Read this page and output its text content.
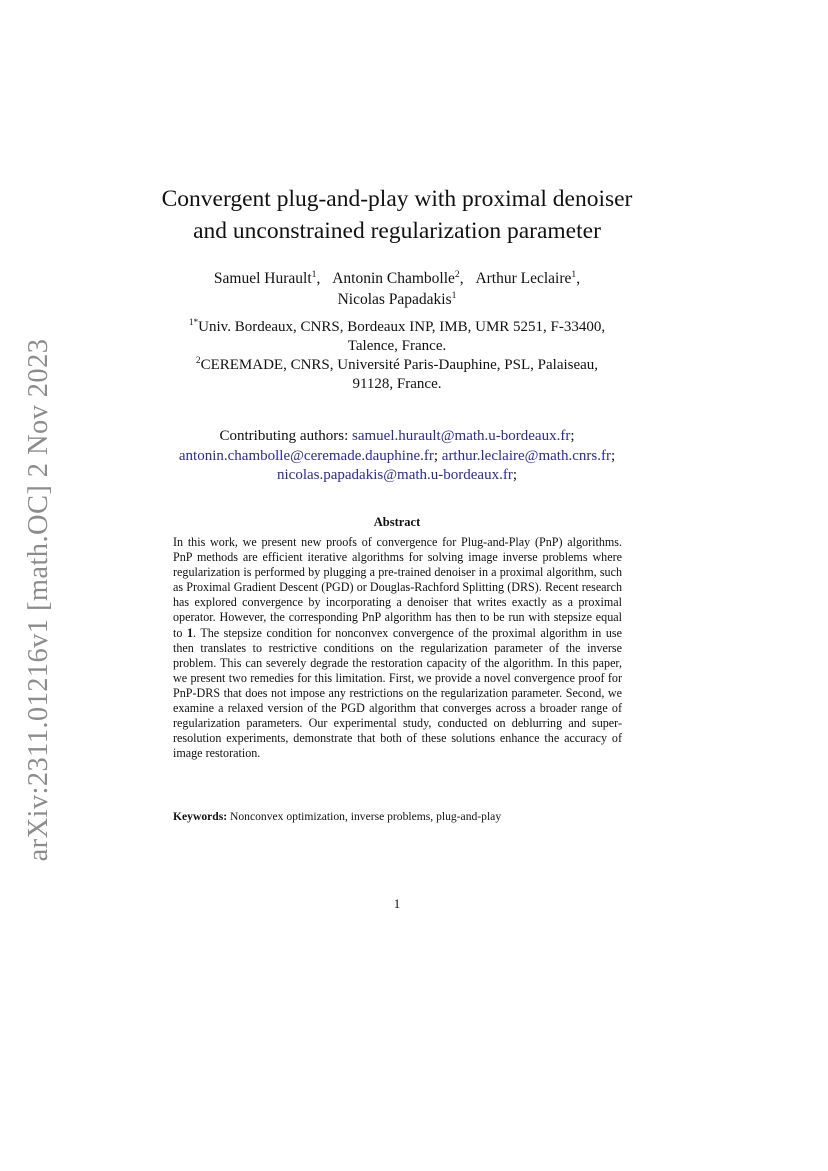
arXiv:2311.01216v1 [math.OC] 2 Nov 2023
Convergent plug-and-play with proximal denoiser
and unconstrained regularization parameter
Samuel Hurault$^1$, Antonin Chambolle$^2$, Arthur Leclaire$^1$,
Nicolas Papadakis$^1$
$^{1*}$Univ. Bordeaux, CNRS, Bordeaux INP, IMB, UMR 5251, F-33400,
Talence, France.
$^2$CEREMADE, CNRS, Université Paris-Dauphine, PSL, Palaiseau,
91128, France.
Contributing authors: samuel.hurault@math.u-bordeaux.fr;
antonin.chambolle@ceremade.dauphine.fr; arthur.leclaire@math.cnrs.fr;
nicolas.papadakis@math.u-bordeaux.fr;
Abstract
In this work, we present new proofs of convergence for Plug-and-Play (PnP) algorithms. PnP methods are efficient iterative algorithms for solving image inverse problems where regularization is performed by plugging a pre-trained denoiser in a proximal algorithm, such as Proximal Gradient Descent (PGD) or Douglas-Rachford Splitting (DRS). Recent research has explored convergence by incorporating a denoiser that writes exactly as a proximal operator. However, the corresponding PnP algorithm has then to be run with stepsize equal to 1. The stepsize condition for nonconvex convergence of the proximal algorithm in use then translates to restrictive conditions on the regularization parameter of the inverse problem. This can severely degrade the restoration capacity of the algorithm. In this paper, we present two remedies for this limitation. First, we provide a novel convergence proof for PnP-DRS that does not impose any restrictions on the regularization parameter. Second, we examine a relaxed version of the PGD algorithm that converges across a broader range of regularization parameters. Our experimental study, conducted on deblurring and super-resolution experiments, demonstrate that both of these solutions enhance the accuracy of image restoration.
Keywords: Nonconvex optimization, inverse problems, plug-and-play
1
